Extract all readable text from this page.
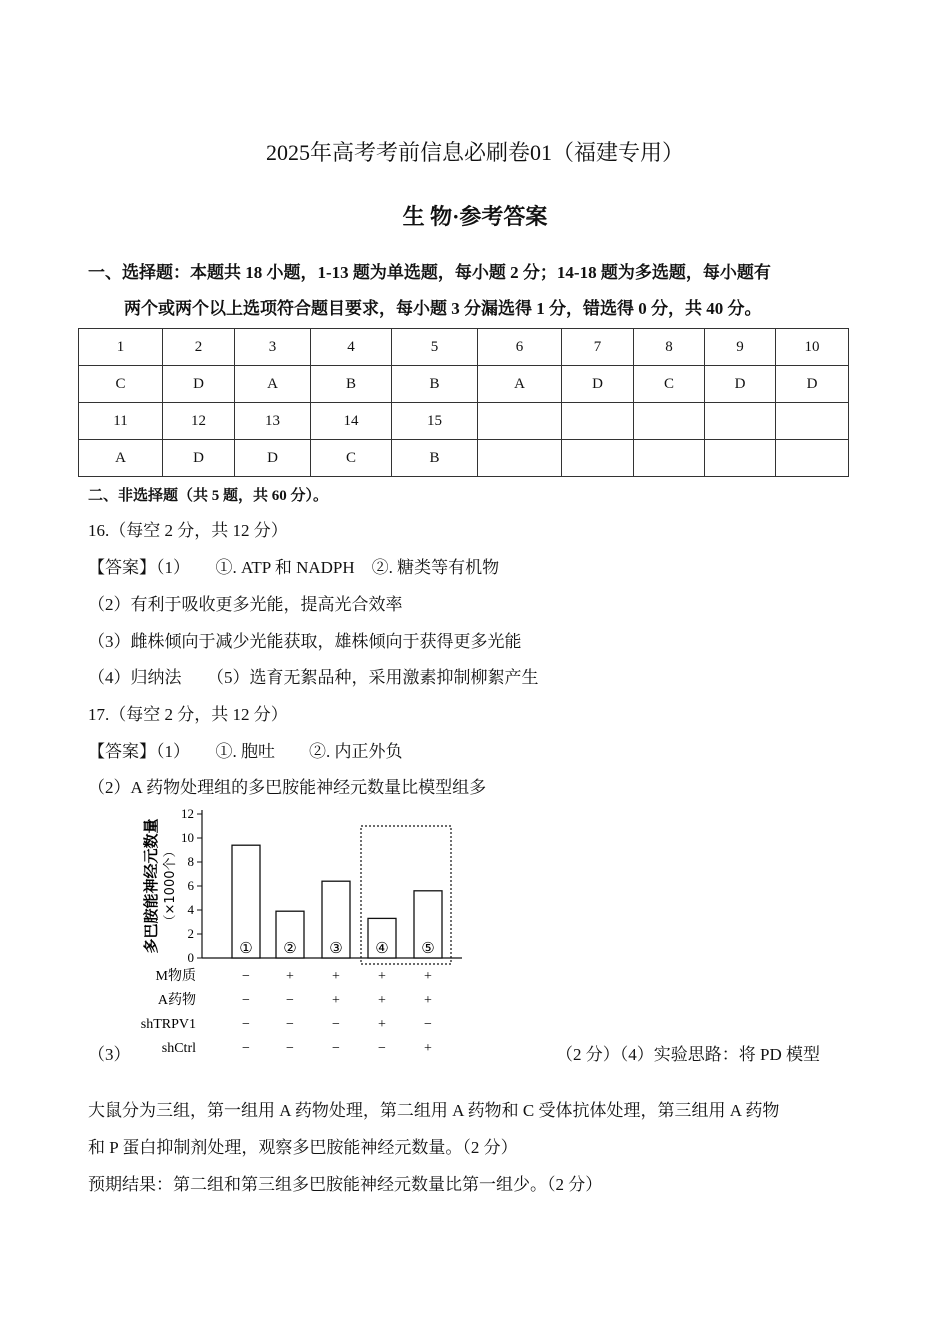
2025年高考考前信息必刷卷01（福建专用）
生 物·参考答案
一、选择题：本题共 18 小题，1-13 题为单选题，每小题 2 分；14-18 题为多选题，每小题有
两个或两个以上选项符合题目要求，每小题 3 分漏选得 1 分，错选得 0 分，共 40 分。
1	2	3	4	5	6	7	8	9	10
C	D	A	B	B	A	D	C	D	D
11	12	13	14	15					
A	D	D	C	B					
二、非选择题（共 5 题，共 60 分）。
16.（每空 2 分，共 12 分）
【答案】（1）　　①. ATP 和 NADPH　②. 糖类等有机物
（2）有利于吸收更多光能，提高光合效率
（3）雌株倾向于减少光能获取，雄株倾向于获得更多光能
（4）归纳法　　（5）选育无絮品种，采用激素抑制柳絮产生
17.（每空 2 分，共 12 分）
【答案】（1）　　①. 胞吐　　②. 内正外负
（2）A 药物处理组的多巴胺能神经元数量比模型组多
0
2
4
6
8
10
12
多巴胺能神经元数量 （×1000个）
① ② ③ ④ ⑤
M物质	−	+	+	+	+
A药物	−	−	+	+	+
shTRPV1	−	−	−	+	−
shCtrl	−	−	−	−	+
（3）	（2 分）（4）实验思路：将 PD 模型
大鼠分为三组，第一组用 A 药物处理，第二组用 A 药物和 C 受体抗体处理，第三组用 A 药物
和 P 蛋白抑制剂处理，观察多巴胺能神经元数量。（2 分）
预期结果：第二组和第三组多巴胺能神经元数量比第一组少。（2 分）
